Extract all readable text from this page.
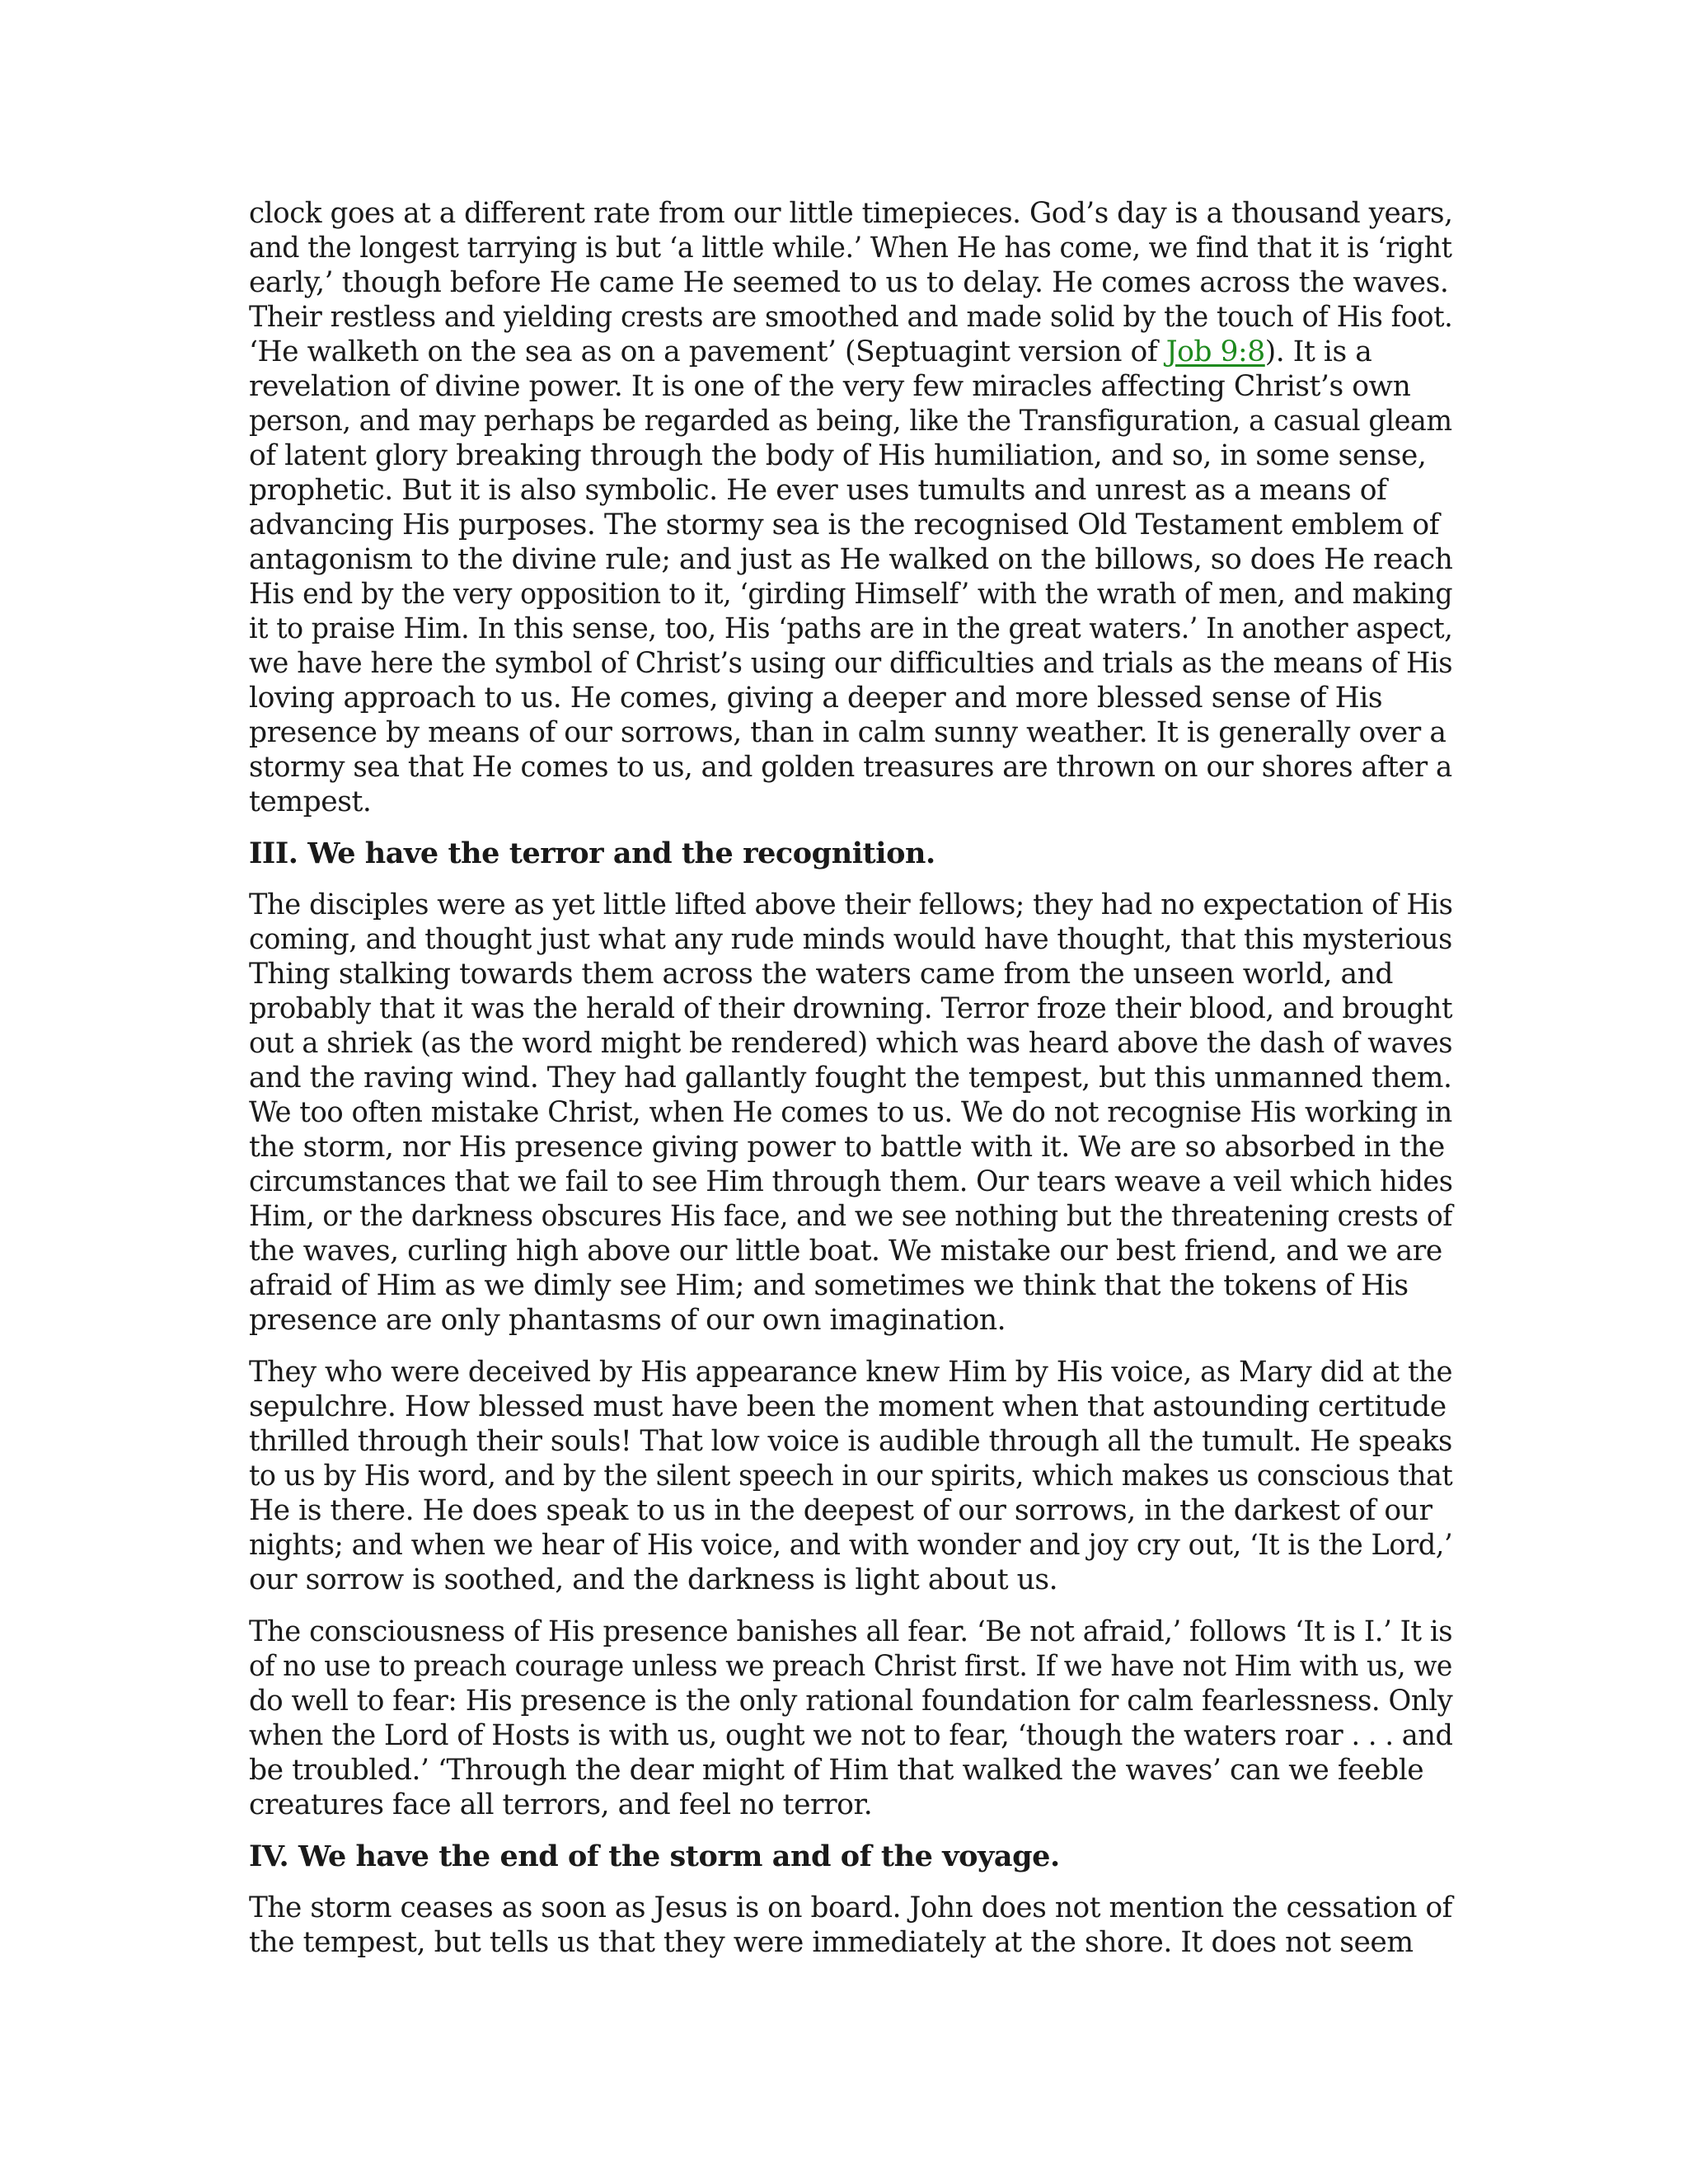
clock goes at a different rate from our little timepieces. God’s day is a thousand years,
and the longest tarrying is but ‘a little while.’ When He has come, we find that it is ‘right
early,’ though before He came He seemed to us to delay. He comes across the waves.
Their restless and yielding crests are smoothed and made solid by the touch of His foot.
‘He walketh on the sea as on a pavement’ (Septuagint version of Job 9:8). It is a
revelation of divine power. It is one of the very few miracles affecting Christ’s own
person, and may perhaps be regarded as being, like the Transfiguration, a casual gleam
of latent glory breaking through the body of His humiliation, and so, in some sense,
prophetic. But it is also symbolic. He ever uses tumults and unrest as a means of
advancing His purposes. The stormy sea is the recognised Old Testament emblem of
antagonism to the divine rule; and just as He walked on the billows, so does He reach
His end by the very opposition to it, ‘girding Himself’ with the wrath of men, and making
it to praise Him. In this sense, too, His ‘paths are in the great waters.’ In another aspect,
we have here the symbol of Christ’s using our difficulties and trials as the means of His
loving approach to us. He comes, giving a deeper and more blessed sense of His
presence by means of our sorrows, than in calm sunny weather. It is generally over a
stormy sea that He comes to us, and golden treasures are thrown on our shores after a
tempest.

III. We have the terror and the recognition.

The disciples were as yet little lifted above their fellows; they had no expectation of His
coming, and thought just what any rude minds would have thought, that this mysterious
Thing stalking towards them across the waters came from the unseen world, and
probably that it was the herald of their drowning. Terror froze their blood, and brought
out a shriek (as the word might be rendered) which was heard above the dash of waves
and the raving wind. They had gallantly fought the tempest, but this unmanned them.
We too often mistake Christ, when He comes to us. We do not recognise His working in
the storm, nor His presence giving power to battle with it. We are so absorbed in the
circumstances that we fail to see Him through them. Our tears weave a veil which hides
Him, or the darkness obscures His face, and we see nothing but the threatening crests of
the waves, curling high above our little boat. We mistake our best friend, and we are
afraid of Him as we dimly see Him; and sometimes we think that the tokens of His
presence are only phantasms of our own imagination.

They who were deceived by His appearance knew Him by His voice, as Mary did at the
sepulchre. How blessed must have been the moment when that astounding certitude
thrilled through their souls! That low voice is audible through all the tumult. He speaks
to us by His word, and by the silent speech in our spirits, which makes us conscious that
He is there. He does speak to us in the deepest of our sorrows, in the darkest of our
nights; and when we hear of His voice, and with wonder and joy cry out, ‘It is the Lord,’
our sorrow is soothed, and the darkness is light about us.

The consciousness of His presence banishes all fear. ‘Be not afraid,’ follows ‘It is I.’ It is
of no use to preach courage unless we preach Christ first. If we have not Him with us, we
do well to fear: His presence is the only rational foundation for calm fearlessness. Only
when the Lord of Hosts is with us, ought we not to fear, ‘though the waters roar . . . and
be troubled.’ ‘Through the dear might of Him that walked the waves’ can we feeble
creatures face all terrors, and feel no terror.

IV. We have the end of the storm and of the voyage.

The storm ceases as soon as Jesus is on board. John does not mention the cessation of
the tempest, but tells us that they were immediately at the shore. It does not seem
